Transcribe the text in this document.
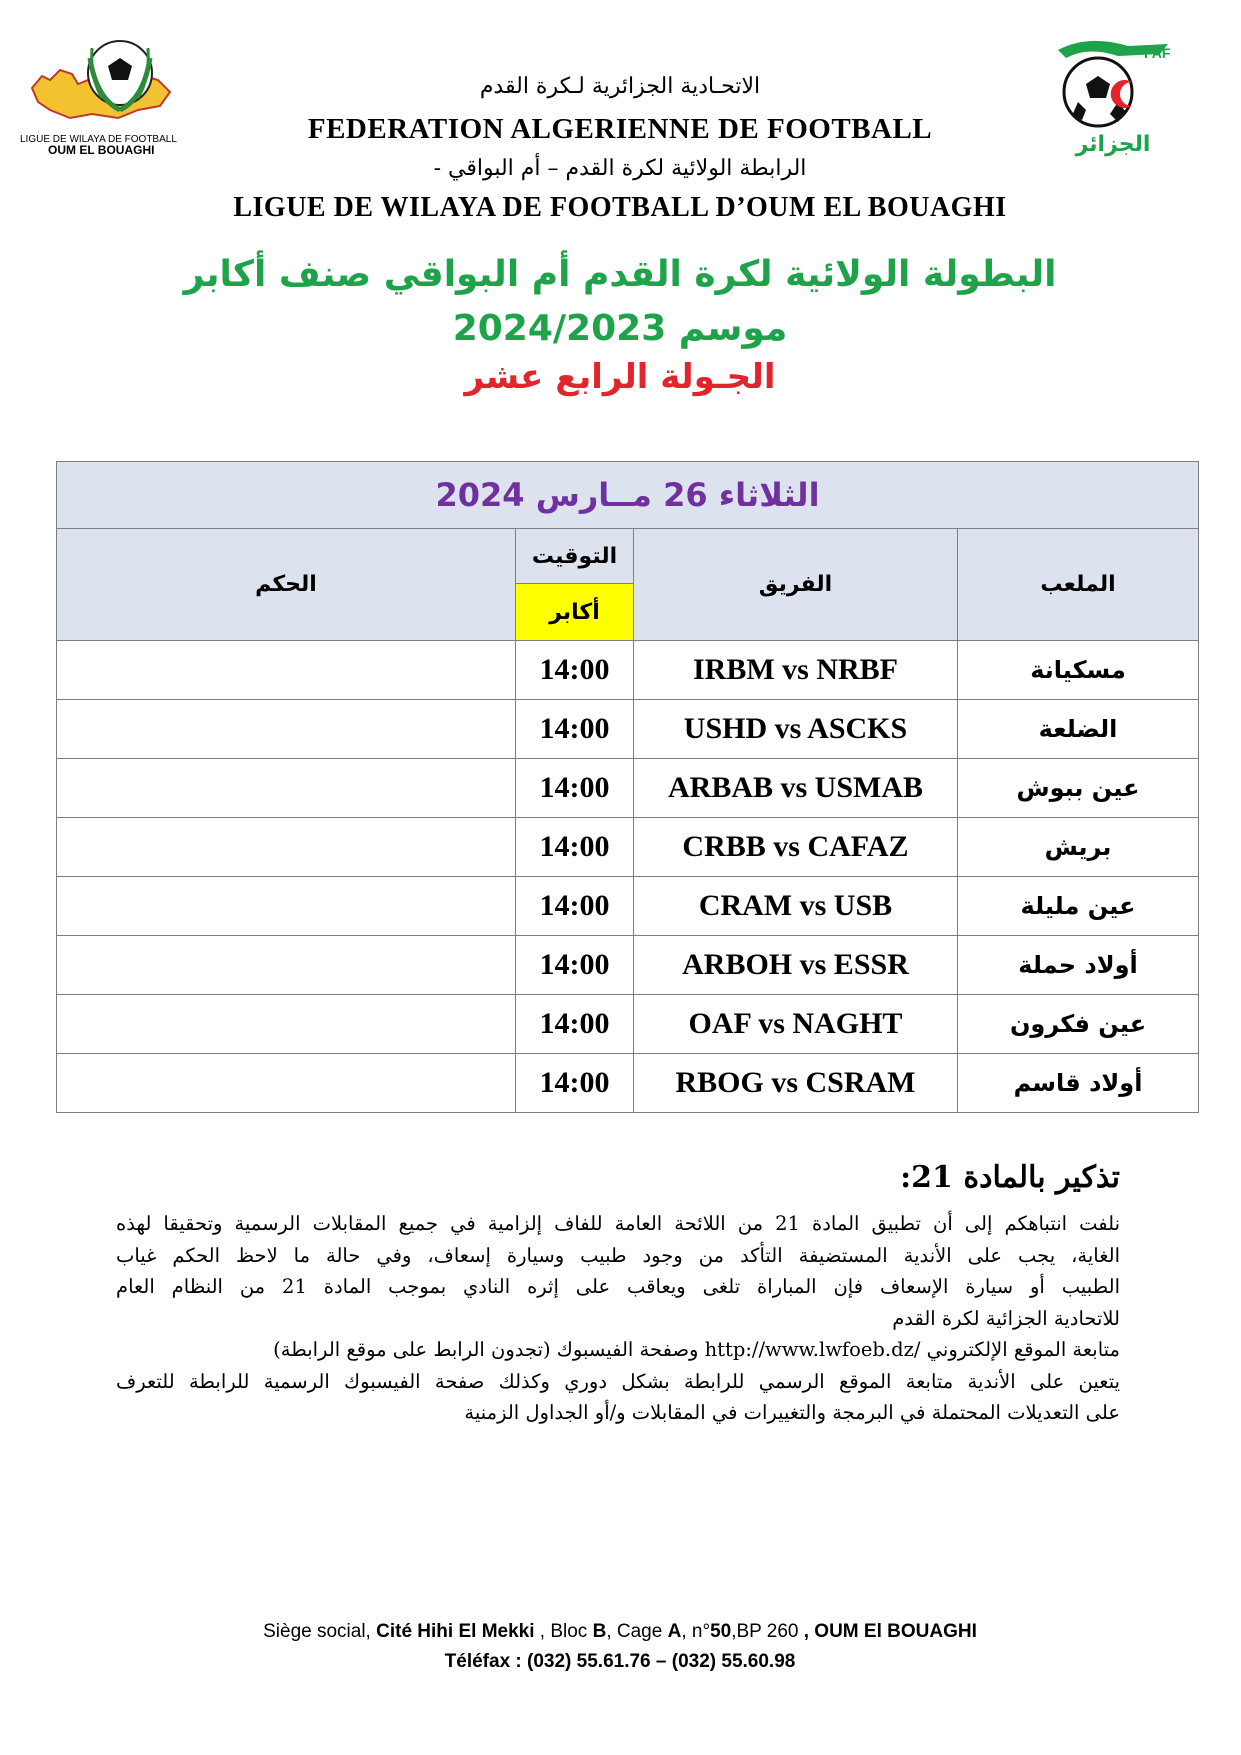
LIGUE DE WILAYA DE FOOTBALL
OUM EL BOUAGHI
FAF
الجزائر
الاتحـادية الجزائرية لـكرة القدم
FEDERATION ALGERIENNE DE FOOTBALL
الرابطة الولائية لكرة القدم – أم البواقي -
LIGUE DE WILAYA DE FOOTBALL D’OUM EL BOUAGHI
البطولة الولائية لكرة القدم أم البواقي صنف أكابر
موسم 2024/2023
الجـولة الرابع عشر
الثلاثاء 26 مــارس 2024			
الحكم	التوقيت	الفريق	الملعب
	أكابر		
	14:00	IRBM vs NRBF	مسكيانة
	14:00	USHD vs ASCKS	الضلعة
	14:00	ARBAB vs USMAB	عين ببوش
	14:00	CRBB vs CAFAZ	بريش
	14:00	CRAM vs USB	عين مليلة
	14:00	ARBOH vs ESSR	أولاد حملة
	14:00	OAF vs NAGHT	عين فكرون
	14:00	RBOG vs CSRAM	أولاد قاسم
تذكير بالمادة 21:
نلفت انتباهكم إلى أن تطبيق المادة 21 من اللائحة العامة للفاف إلزامية في جميع المقابلات الرسمية وتحقيقا لهذه
الغاية، يجب على الأندية المستضيفة التأكد من وجود طبيب وسيارة إسعاف، وفي حالة ما لاحظ الحكم غياب
الطبيب أو سيارة الإسعاف فإن المباراة تلغى ويعاقب على إثره النادي بموجب المادة 21 من النظام العام
للاتحادية الجزائية لكرة القدم
متابعة الموقع الإلكتروني /http://www.lwfoeb.dz وصفحة الفيسبوك (تجدون الرابط على موقع الرابطة)
يتعين على الأندية متابعة الموقع الرسمي للرابطة بشكل دوري وكذلك صفحة الفيسبوك الرسمية للرابطة للتعرف
على التعديلات المحتملة في البرمجة والتغييرات في المقابلات و/أو الجداول الزمنية
Siège social, Cité Hihi El Mekki , Bloc B, Cage A, n°50,BP 260 , OUM El BOUAGHI
Téléfax : (032) 55.61.76 – (032) 55.60.98
